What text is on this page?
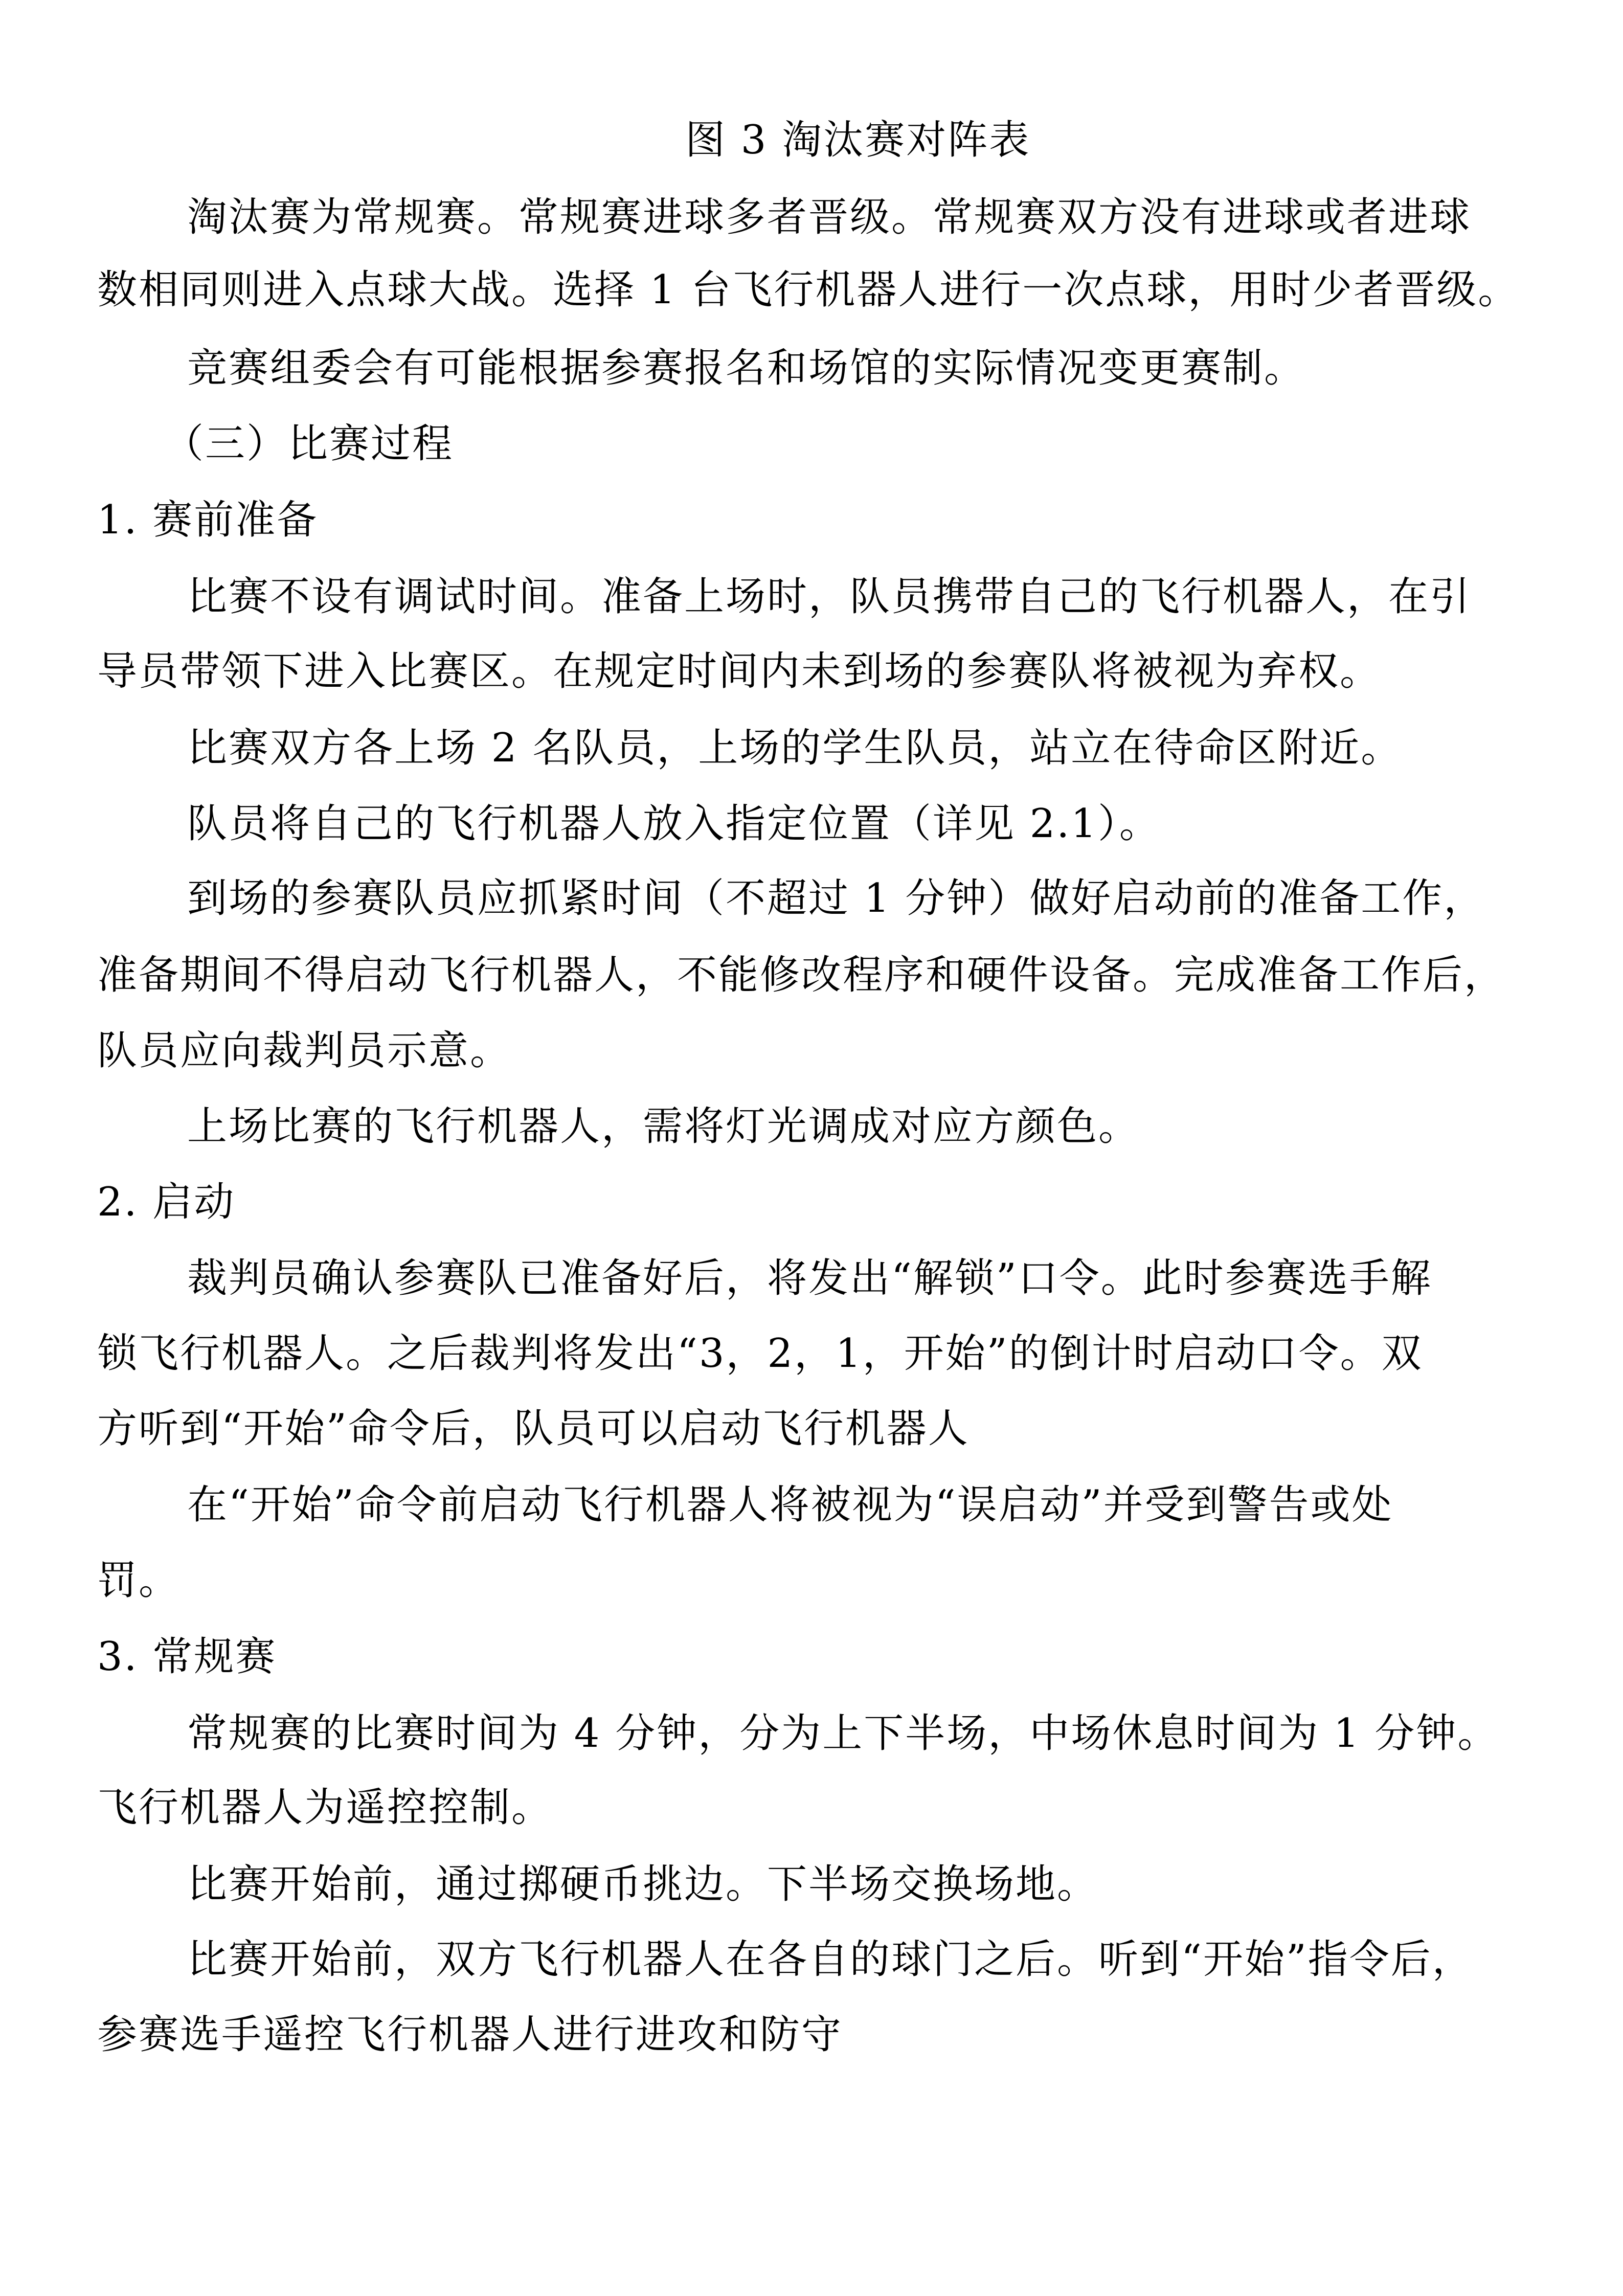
图 3 淘汰赛对阵表
淘汰赛为常规赛。常规赛进球多者晋级。常规赛双方没有进球或者进球
数相同则进入点球大战。选择 1 台飞行机器人进行一次点球，用时少者晋级。
竞赛组委会有可能根据参赛报名和场馆的实际情况变更赛制。
（三）比赛过程
1. 赛前准备
比赛不设有调试时间。准备上场时，队员携带自己的飞行机器人，在引
导员带领下进入比赛区。在规定时间内未到场的参赛队将被视为弃权。
比赛双方各上场 2 名队员，上场的学生队员，站立在待命区附近。
队员将自己的飞行机器人放入指定位置（详见 2.1）。
到场的参赛队员应抓紧时间（不超过 1 分钟）做好启动前的准备工作，
准备期间不得启动飞行机器人，不能修改程序和硬件设备。完成准备工作后，
队员应向裁判员示意。
上场比赛的飞行机器人，需将灯光调成对应方颜色。
2. 启动
裁判员确认参赛队已准备好后，将发出“解锁”口令。此时参赛选手解
锁飞行机器人。之后裁判将发出“3，2，1，开始”的倒计时启动口令。双
方听到“开始”命令后，队员可以启动飞行机器人
在“开始”命令前启动飞行机器人将被视为“误启动”并受到警告或处
罚。
3. 常规赛
常规赛的比赛时间为 4 分钟，分为上下半场，中场休息时间为 1 分钟。
飞行机器人为遥控控制。
比赛开始前，通过掷硬币挑边。下半场交换场地。
比赛开始前，双方飞行机器人在各自的球门之后。听到“开始”指令后，
参赛选手遥控飞行机器人进行进攻和防守
